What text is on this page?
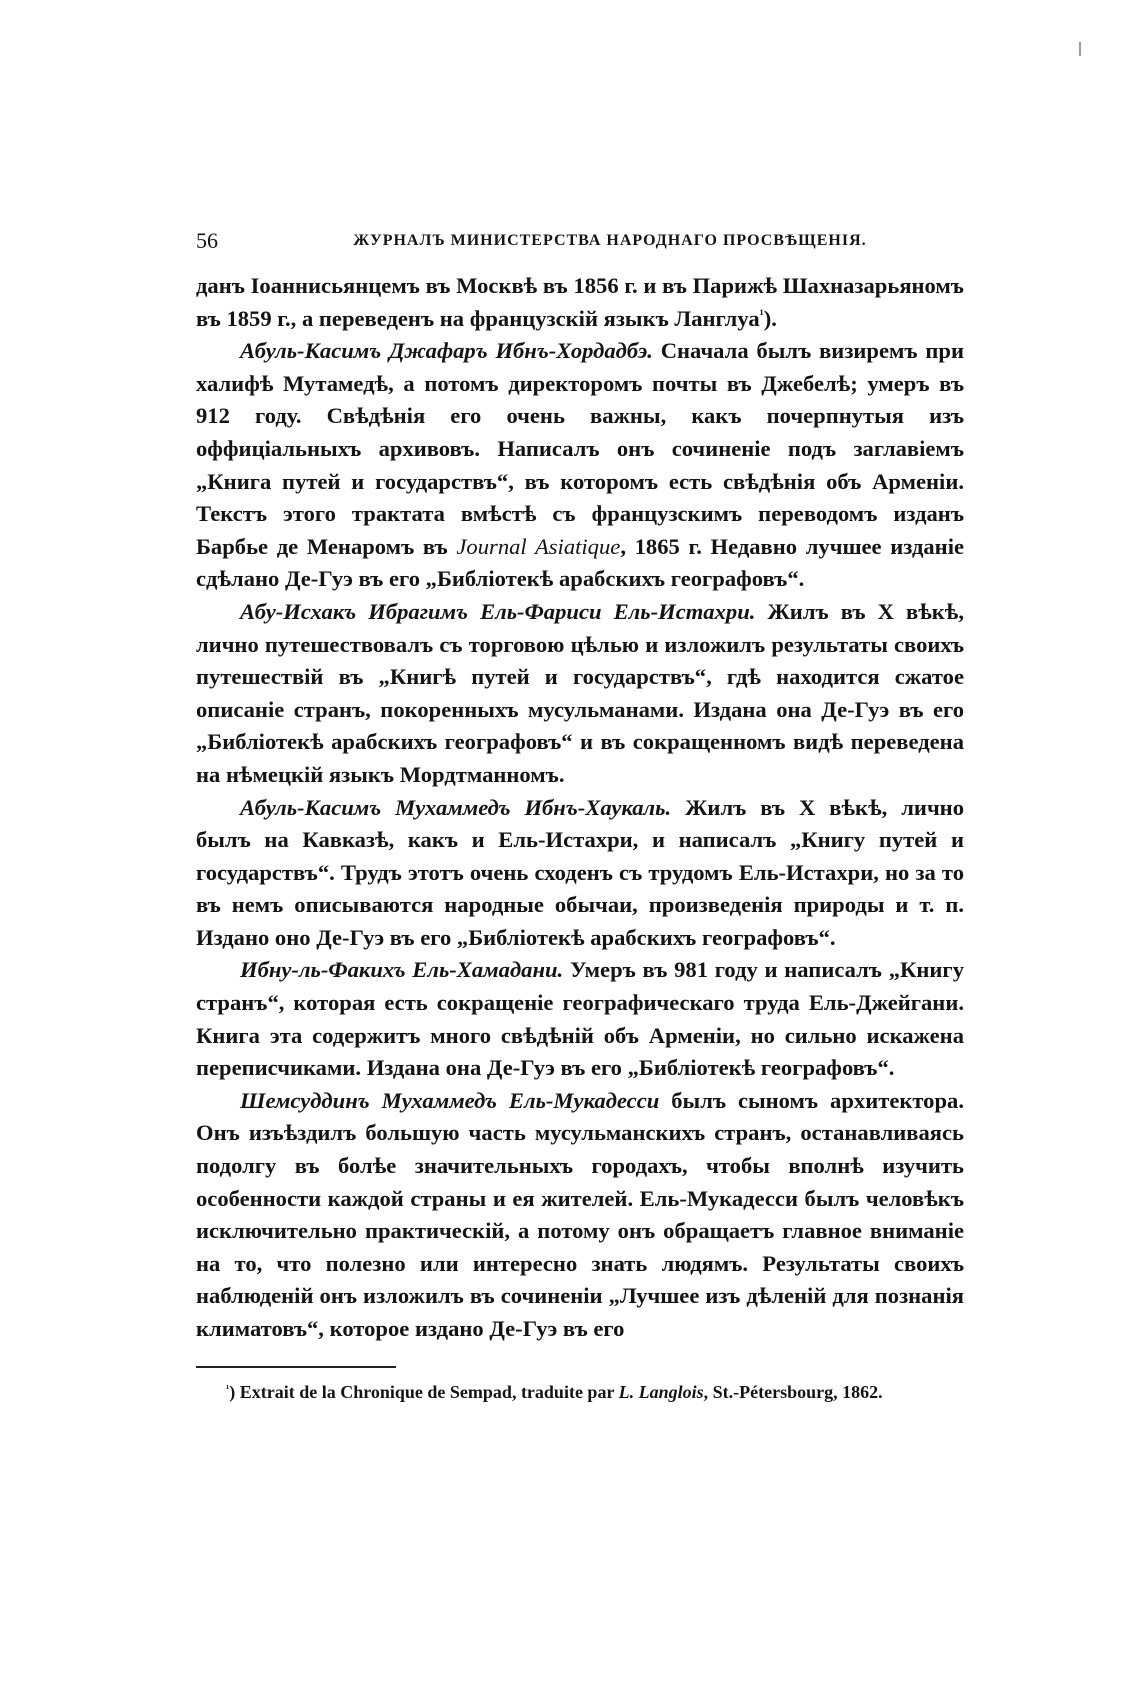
56	ЖУРНАЛЪ МИНИСТЕРСТВА НАРОДНАГО ПРОСВѢЩЕНІЯ.

данъ Іоаннисьянцемъ въ Москвѣ въ 1856 г. и въ Парижѣ Шахназарьяномъ въ 1859 г., а переведенъ на французскій языкъ Ланглуа$^{^1}$).

Абуль-Касимъ Джафаръ Ибнъ-Хордадбэ. Сначала былъ визиремъ при халифѣ Мутамедѣ, а потомъ директоромъ почты въ Джебелѣ; умеръ въ 912 году. Свѣдѣнія его очень важны, какъ почерпнутыя изъ оффиціальныхъ архивовъ. Написалъ онъ сочиненіе подъ заглавіемъ „Книга путей и государствъ“, въ которомъ есть свѣдѣнія объ Арменіи. Текстъ этого трактата вмѣстѣ съ французскимъ переводомъ изданъ Барбье де Менаромъ въ Journal Asiatique, 1865 г. Недавно лучшее изданіе сдѣлано Де-Гуэ въ его „Библіотекѣ арабскихъ географовъ“.

Абу-Исхакъ Ибрагимъ Ель-Фариси Ель-Истахри. Жилъ въ X вѣкѣ, лично путешествовалъ съ торговою цѣлью и изложилъ результаты своихъ путешествій въ „Книгѣ путей и государствъ“, гдѣ находится сжатое описаніе странъ, покоренныхъ мусульманами. Издана она Де-Гуэ въ его „Библіотекѣ арабскихъ географовъ“ и въ сокращенномъ видѣ переведена на нѣмецкій языкъ Мордтманномъ.

Абуль-Касимъ Мухаммедъ Ибнъ-Хаукаль. Жилъ въ X вѣкѣ, лично былъ на Кавказѣ, какъ и Ель-Истахри, и написалъ „Книгу путей и государствъ“. Трудъ этотъ очень сходенъ съ трудомъ Ель-Истахри, но за то въ немъ описываются народные обычаи, произведенія природы и т. п. Издано оно Де-Гуэ въ его „Библіотекѣ арабскихъ географовъ“.

Ибну-ль-Факихъ Ель-Хамадани. Умеръ въ 981 году и написалъ „Книгу странъ“, которая есть сокращеніе географическаго труда Ель-Джейгани. Книга эта содержитъ много свѣдѣній объ Арменіи, но сильно искажена переписчиками. Издана она Де-Гуэ въ его „Библіотекѣ географовъ“.

Шемсуддинъ Мухаммедъ Ель-Мукадесси былъ сыномъ архитектора. Онъ изъѣздилъ большую часть мусульманскихъ странъ, останавливаясь подолгу въ болѣе значительныхъ городахъ, чтобы вполнѣ изучить особенности каждой страны и ея жителей. Ель-Мукадесси былъ человѣкъ исключительно практическій, а потому онъ обращаетъ главное вниманіе на то, что полезно или интересно знать людямъ. Результаты своихъ наблюденій онъ изложилъ въ сочиненіи „Лучшее изъ дѣленій для познанія климатовъ“, которое издано Де-Гуэ въ его

$^{^1}$) Extrait de la Chronique de Sempad, traduite par L. Langlois, St.-Pétersbourg, 1862.
